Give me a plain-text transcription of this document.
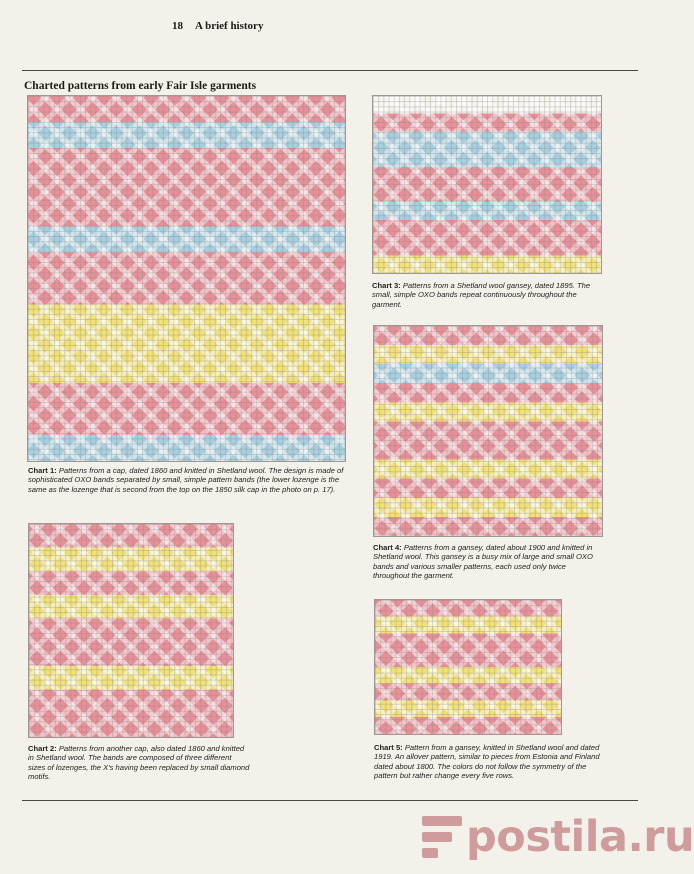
18 A brief history
Charted patterns from early Fair Isle garments
Chart 1: Patterns from a cap, dated 1860 and knitted in Shetland wool. The design is made of sophisticated OXO bands separated by small, simple pattern bands (the lower lozenge is the same as the lozenge that is second from the top on the 1850 silk cap in the photo on p. 17).
Chart 2: Patterns from another cap, also dated 1860 and knitted in Shetland wool. The bands are composed of three different sizes of lozenges, the X's having been replaced by small diamond motifs.
Chart 3: Patterns from a Shetland wool gansey, dated 1895. The small, simple OXO bands repeat continuously throughout the garment.
Chart 4: Patterns from a gansey, dated about 1900 and knitted in Shetland wool. This gansey is a busy mix of large and small OXO bands and various smaller patterns, each used only twice throughout the garment.
Chart 5: Pattern from a gansey, knitted in Shetland wool and dated 1919. An allover pattern, similar to pieces from Estonia and Finland dated about 1800. The colors do not follow the symmetry of the pattern but rather change every five rows.
postila.ru
